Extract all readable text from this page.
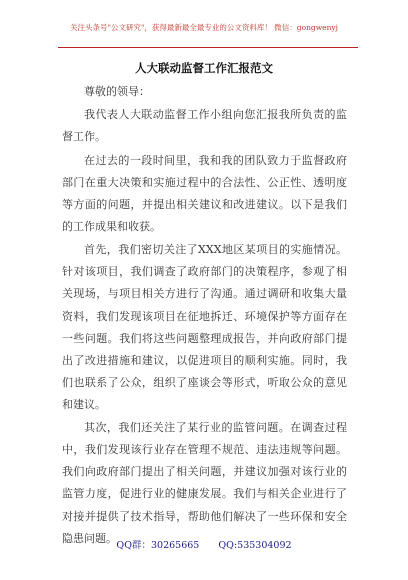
关注头条号"公文研究"，获得最新最全最专业的公文资料库！ 微信：gongwenyj
人大联动监督工作汇报范文

尊敬的领导：

我代表人大联动监督工作小组向您汇报我所负责的监督工作。

在过去的一段时间里，我和我的团队致力于监督政府部门在重大决策和实施过程中的合法性、公正性、透明度等方面的问题，并提出相关建议和改进建议。以下是我们的工作成果和收获。

首先，我们密切关注了XXX地区某项目的实施情况。针对该项目，我们调查了政府部门的决策程序，参观了相关现场，与项目相关方进行了沟通。通过调研和收集大量资料，我们发现该项目在征地拆迁、环境保护等方面存在一些问题。我们将这些问题整理成报告，并向政府部门提出了改进措施和建议，以促进项目的顺利实施。同时，我们也联系了公众，组织了座谈会等形式，听取公众的意见和建议。

其次，我们还关注了某行业的监管问题。在调查过程中，我们发现该行业存在管理不规范、违法违规等问题。我们向政府部门提出了相关问题，并建议加强对该行业的监管力度，促进行业的健康发展。我们与相关企业进行了对接并提供了技术指导，帮助他们解决了一些环保和安全隐患问题。

QQ群：30265665 QQ:535304092
